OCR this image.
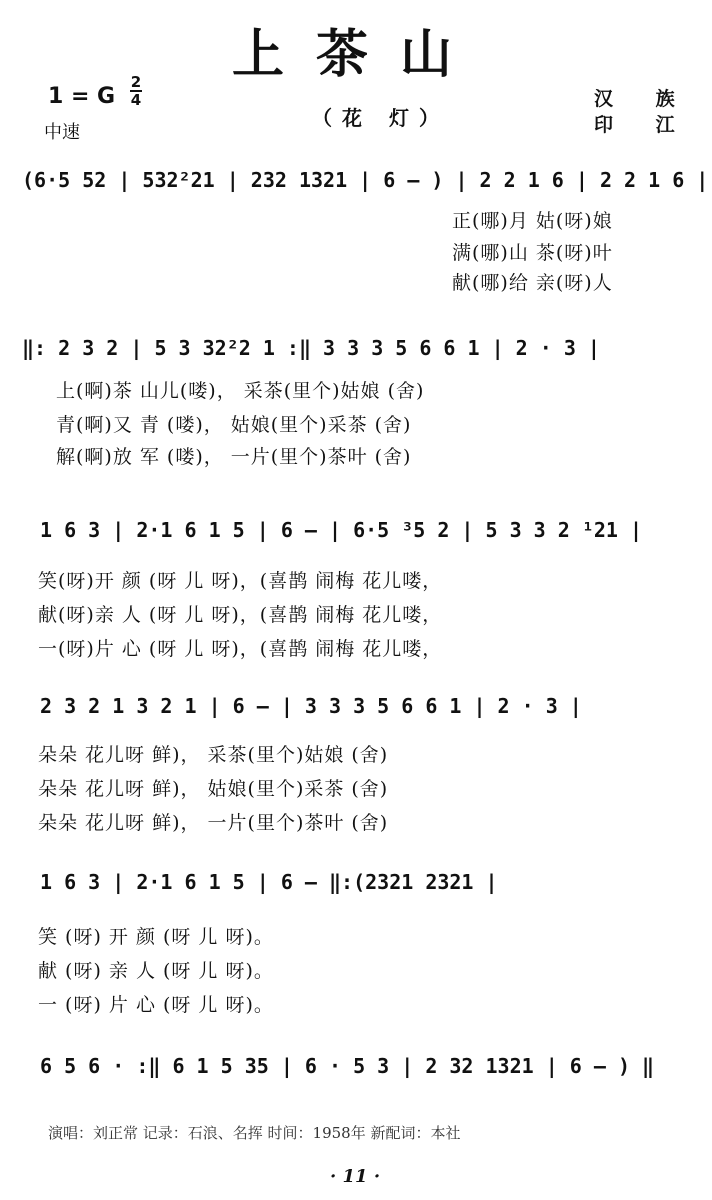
上茶山
1 = G
2
4
中速
（花 灯）
汉 族
印 江
(6·5 52 | 532²21 | 232 1321 | 6 – ) | 2 2 1 6 | 2 2 1 6 |
正(哪)月 姑(呀)娘
满(哪)山 茶(呀)叶
献(哪)给 亲(呀)人
‖: 2 3 2 | 5 3 32²2 1 :‖ 3 3 3 5 6 6 1 | 2 · 3 |
上(啊)茶 山儿(喽)， 采茶(里个)姑娘 (舍)
青(啊)又 青 (喽)， 姑娘(里个)采茶 (舍)
解(啊)放 军 (喽)， 一片(里个)茶叶 (舍)
1 6 3 | 2·1 6 1 5 | 6 – | 6·5 ³5 2 | 5 3 3 2 ¹21 |
笑(呀)开 颜 (呀 儿 呀)，(喜鹊 闹梅 花儿喽，
献(呀)亲 人 (呀 儿 呀)，(喜鹊 闹梅 花儿喽，
一(呀)片 心 (呀 儿 呀)，(喜鹊 闹梅 花儿喽，
2 3 2 1 3 2 1 | 6 – | 3 3 3 5 6 6 1 | 2 · 3 |
朵朵 花儿呀 鲜)， 采茶(里个)姑娘 (舍)
朵朵 花儿呀 鲜)， 姑娘(里个)采茶 (舍)
朵朵 花儿呀 鲜)， 一片(里个)茶叶 (舍)
1 6 3 | 2·1 6 1 5 | 6 – ‖:(2321 2321 |
笑 (呀) 开 颜 (呀 儿 呀)。
献 (呀) 亲 人 (呀 儿 呀)。
一 (呀) 片 心 (呀 儿 呀)。
6 5 6 · :‖ 6 1 5 35 | 6 · 5 3 | 2 32 1321 | 6 – ) ‖
演唱：刘正常 记录：石浪、名挥 时间：1958年 新配词：本社
· 11 ·
